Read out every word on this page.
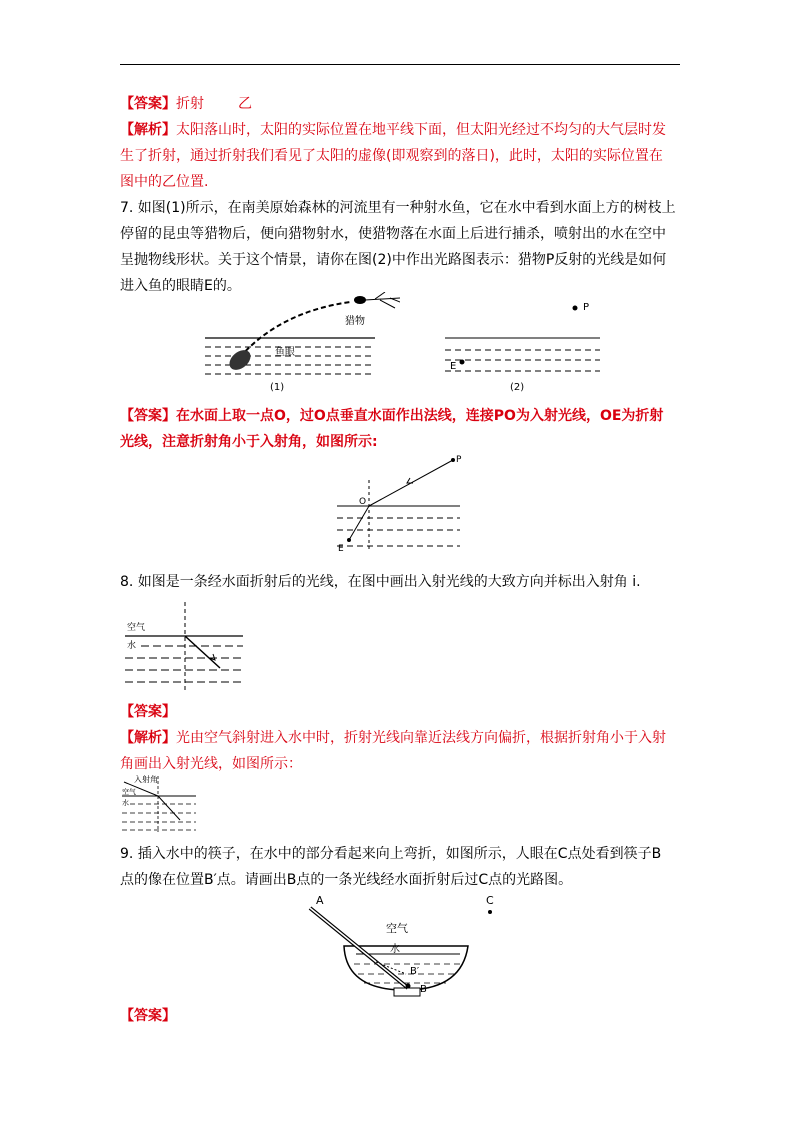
【答案】折射 乙
【解析】太阳落山时，太阳的实际位置在地平线下面，但太阳光经过不均匀的大气层时发
生了折射，通过折射我们看见了太阳的虚像(即观察到的落日)，此时，太阳的实际位置在
图中的乙位置.
7. 如图(1)所示，在南美原始森林的河流里有一种射水鱼，它在水中看到水面上方的树枝上
停留的昆虫等猎物后，便向猎物射水，使猎物落在水面上后进行捕杀，喷射出的水在空中
呈抛物线形状。关于这个情景，请你在图(2)中作出光路图表示：猎物P反射的光线是如何
进入鱼的眼睛E的。
猎物
鱼眼
(1)
P
E
(2)
【答案】在水面上取一点O，过O点垂直水面作出法线，连接PO为入射光线，OE为折射
光线，注意折射角小于入射角，如图所示:
P
O
E
8. 如图是一条经水面折射后的光线，在图中画出入射光线的大致方向并标出入射角 i.
空气
水
【答案】
【解析】光由空气斜射进入水中时，折射光线向靠近法线方向偏折，根据折射角小于入射
角画出入射光线，如图所示：
入射角
空气
水
9. 插入水中的筷子，在水中的部分看起来向上弯折，如图所示，人眼在C点处看到筷子B
点的像在位置B′点。请画出B点的一条光线经水面折射后过C点的光路图。
A	C
空气
水
B′
B
【答案】
